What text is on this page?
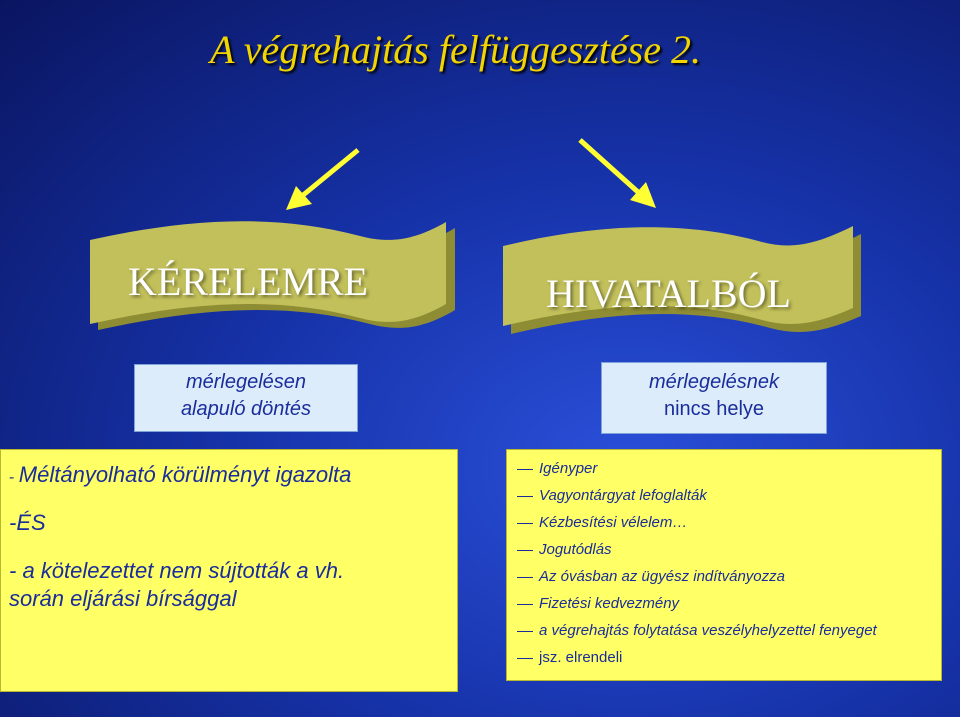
A végrehajtás felfüggesztése 2.
KÉRELEMRE	HIVATALBÓL
mérlegelésen
alapuló döntés
mérlegelésnek
nincs helye
- Méltányolható körülményt igazolta
-ÉS
- a kötelezettet nem sújtották a vh.
során eljárási bírsággal
Igényper
Vagyontárgyat lefoglalták
Kézbesítési vélelem…
Jogutódlás
Az óvásban az ügyész indítványozza
Fizetési kedvezmény
a végrehajtás folytatása veszélyhelyzettel fenyeget
jsz. elrendeli
